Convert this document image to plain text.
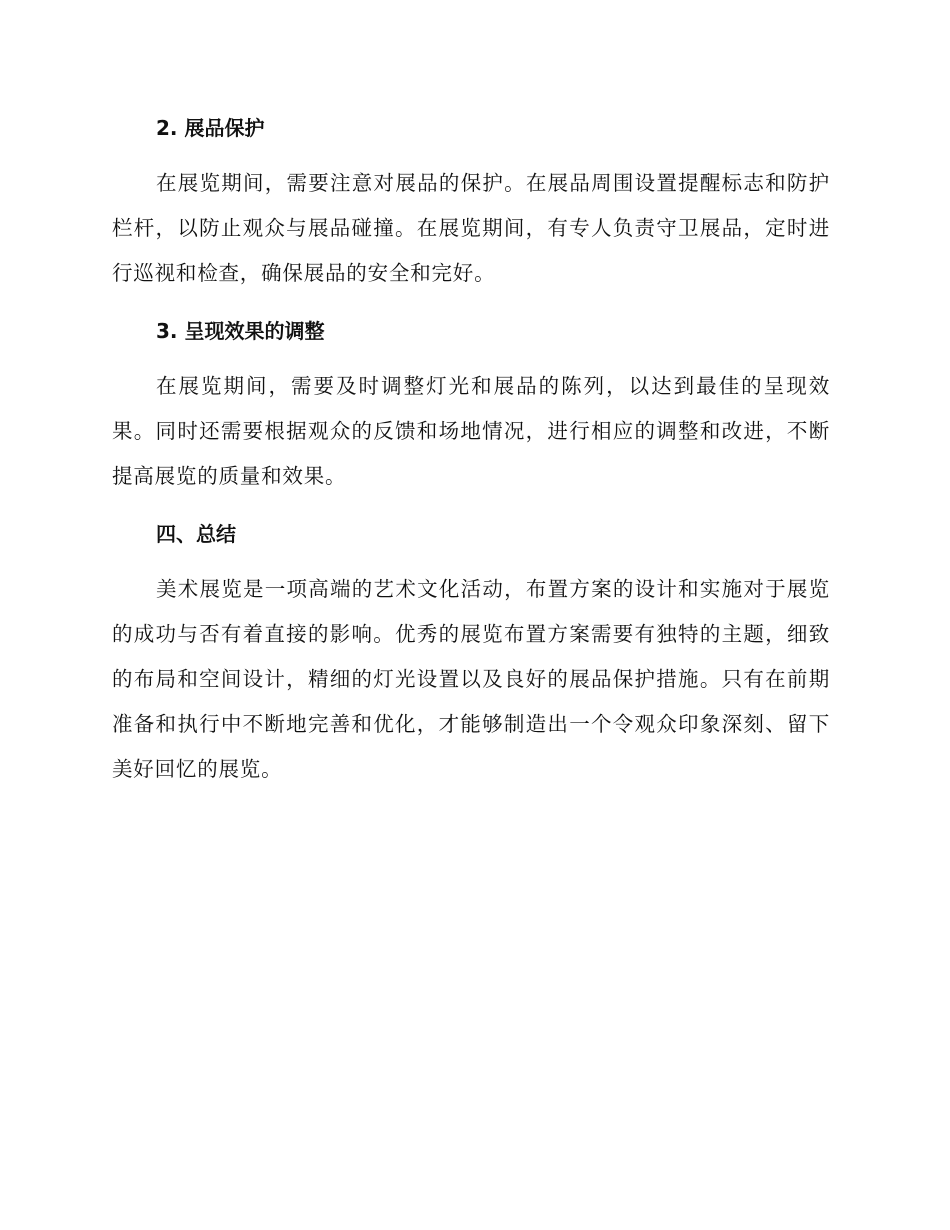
2. 展品保护

在展览期间，需要注意对展品的保护。在展品周围设置提醒标志和防护栏杆，以防止观众与展品碰撞。在展览期间，有专人负责守卫展品，定时进行巡视和检查，确保展品的安全和完好。

3. 呈现效果的调整

在展览期间，需要及时调整灯光和展品的陈列，以达到最佳的呈现效果。同时还需要根据观众的反馈和场地情况，进行相应的调整和改进，不断提高展览的质量和效果。

四、总结

美术展览是一项高端的艺术文化活动，布置方案的设计和实施对于展览的成功与否有着直接的影响。优秀的展览布置方案需要有独特的主题，细致的布局和空间设计，精细的灯光设置以及良好的展品保护措施。只有在前期准备和执行中不断地完善和优化，才能够制造出一个令观众印象深刻、留下美好回忆的展览。
